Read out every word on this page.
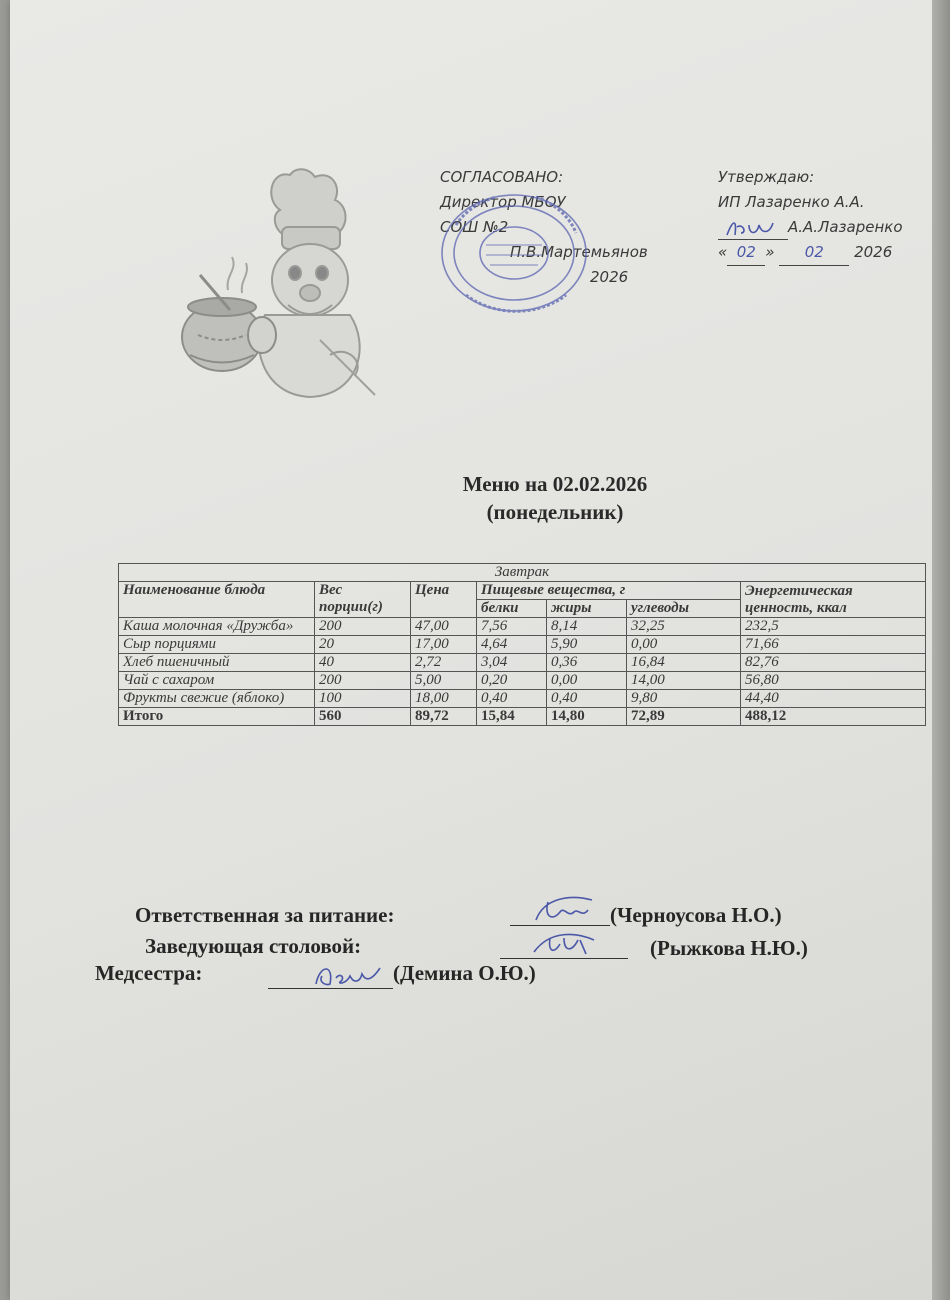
СОГЛАСОВАНО:
Директор МБОУ
СОШ №2
П.В.Мартемьянов
2026
Утверждаю:
ИП Лазаренко А.А.
А.А.Лазаренко
« 02 » 02 2026
Меню на 02.02.2026
(понедельник)
Завтрак						
Наименование блюда	Вес порции(г)	Цена	Пищевые вещества, г			Энергетическая ценность, ккал
			белки	жиры	углеводы	
Каша молочная «Дружба»	200	47,00	7,56	8,14	32,25	232,5
Сыр порциями	20	17,00	4,64	5,90	0,00	71,66
Хлеб пшеничный	40	2,72	3,04	0,36	16,84	82,76
Чай с сахаром	200	5,00	0,20	0,00	14,00	56,80
Фрукты свежие (яблоко)	100	18,00	0,40	0,40	9,80	44,40
Итого	560	89,72	15,84	14,80	72,89	488,12
Ответственная за питание:	(Черноусова Н.О.)
Заведующая столовой:	(Рыжкова Н.Ю.)
Медсестра:	(Демина О.Ю.)
